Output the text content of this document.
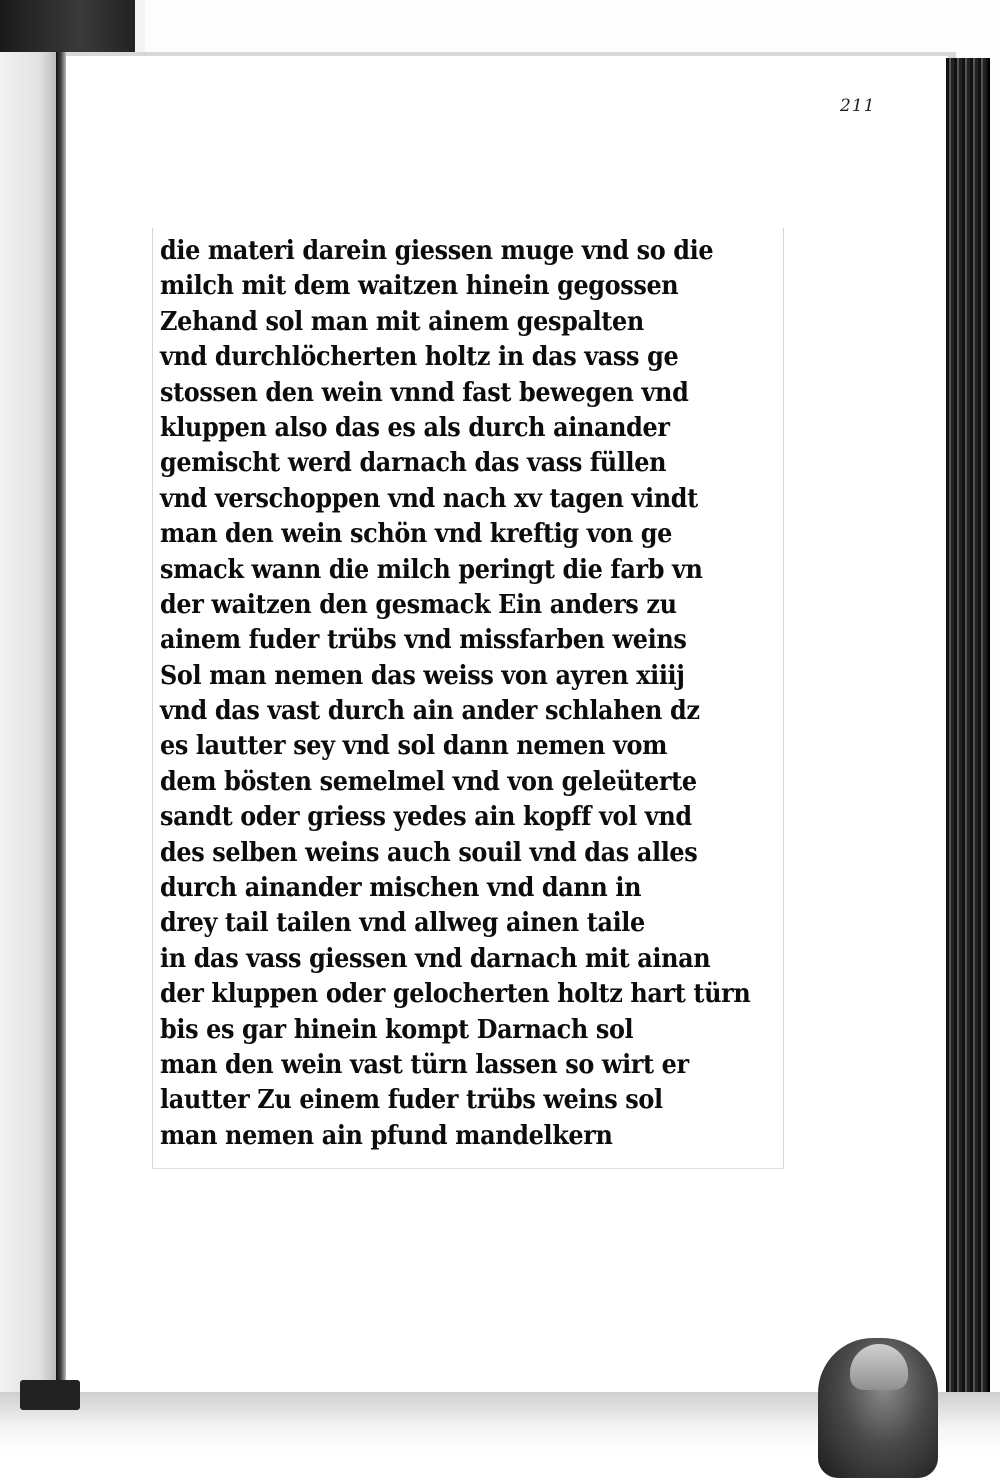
211
die materi darein giessen muge vnd so die
milch mit dem waitzen hinein gegossen
Zehand sol man mit ainem gespalten
vnd durchlöcherten holtz in das vass ge
stossen den wein vnnd fast bewegen vnd
kluppen also das es als durch ainander
gemischt werd darnach das vass füllen
vnd verschoppen vnd nach xv tagen vindt
man den wein schön vnd kreftig von ge
smack wann die milch peringt die farb vn
der waitzen den gesmack Ein anders zu
ainem fuder trübs vnd missfarben weins
Sol man nemen das weiss von ayren xiiij
vnd das vast durch ain ander schlahen dz
es lautter sey vnd sol dann nemen vom
dem bösten semelmel vnd von geleüterte
sandt oder griess yedes ain kopff vol vnd
des selben weins auch souil vnd das alles
durch ainander mischen vnd dann in
drey tail tailen vnd allweg ainen taile
in das vass giessen vnd darnach mit ainan
der kluppen oder gelocherten holtz hart türn
bis es gar hinein kompt Darnach sol
man den wein vast türn lassen so wirt er
lautter Zu einem fuder trübs weins sol
man nemen ain pfund mandelkern
